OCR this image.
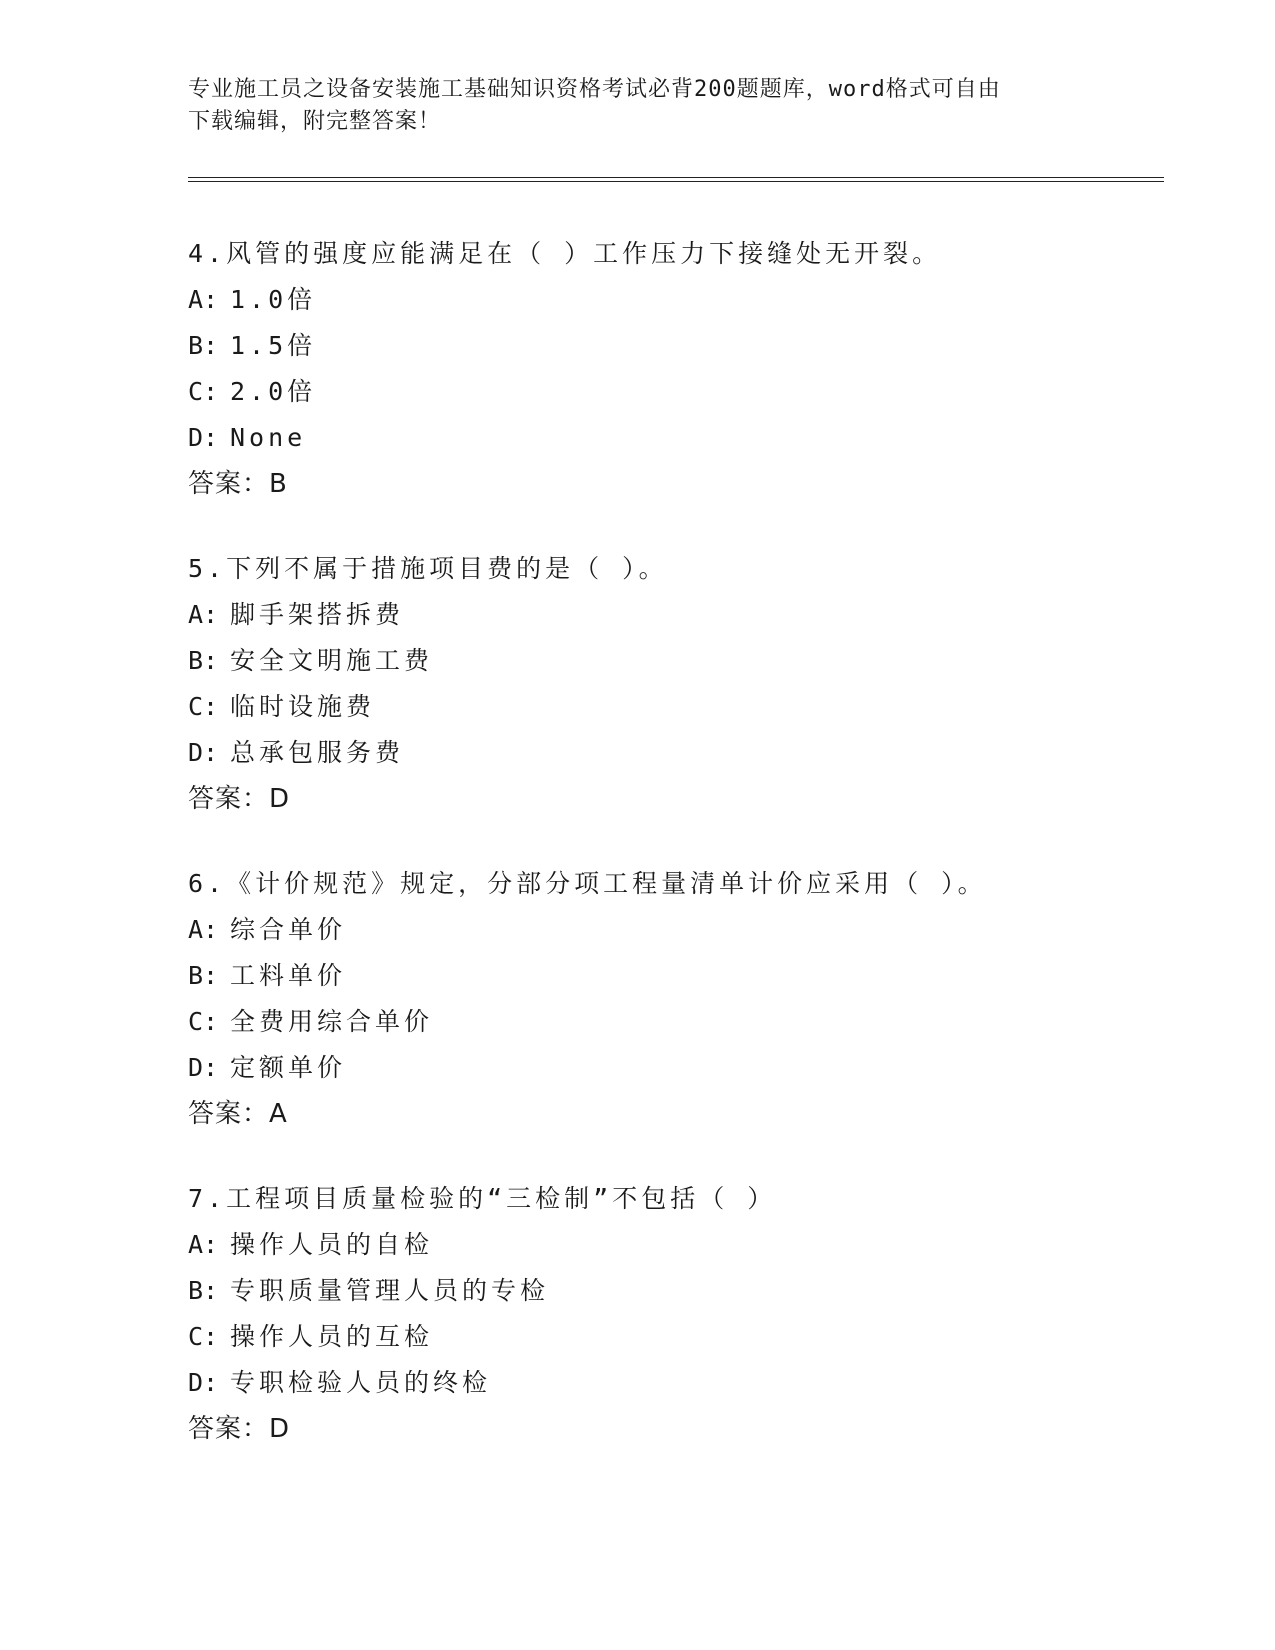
专业施工员之设备安装施工基础知识资格考试必背200题题库，word格式可自由
下载编辑，附完整答案！
4.风管的强度应能满足在（ ）工作压力下接缝处无开裂。
A: 1.0倍
B: 1.5倍
C: 2.0倍
D: None
答案：B
5.下列不属于措施项目费的是（ ）。
A: 脚手架搭拆费
B: 安全文明施工费
C: 临时设施费
D: 总承包服务费
答案：D
6.《计价规范》规定，分部分项工程量清单计价应采用（ ）。
A: 综合单价
B: 工料单价
C: 全费用综合单价
D: 定额单价
答案：A
7.工程项目质量检验的“三检制”不包括（ ）
A: 操作人员的自检
B: 专职质量管理人员的专检
C: 操作人员的互检
D: 专职检验人员的终检
答案：D
